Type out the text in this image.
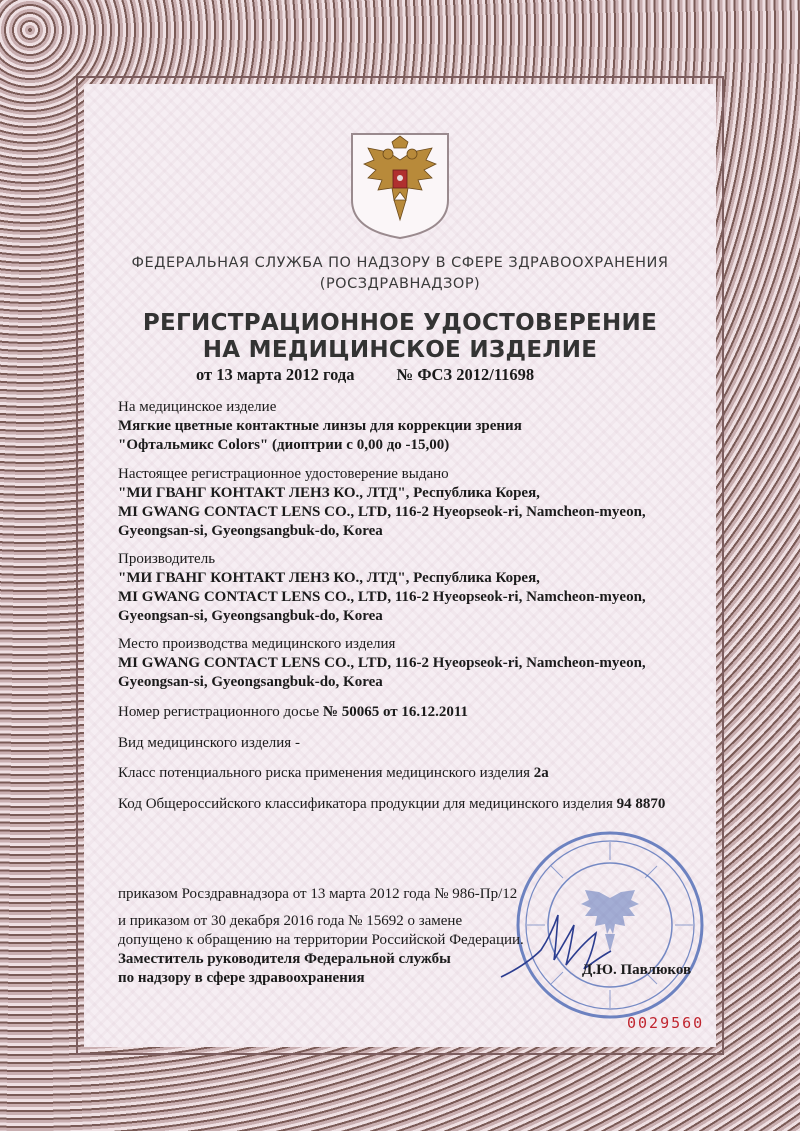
ФЕДЕРАЛЬНАЯ СЛУЖБА ПО НАДЗОРУ В СФЕРЕ ЗДРАВООХРАНЕНИЯ
(РОСЗДРАВНАДЗОР)
РЕГИСТРАЦИОННОЕ УДОСТОВЕРЕНИЕ
НА МЕДИЦИНСКОЕ ИЗДЕЛИЕ
от 13 марта 2012 года	№ ФСЗ 2012/11698
На медицинское изделие
Мягкие цветные контактные линзы для коррекции зрения
"Офтальмикс Colors" (диоптрии с 0,00 до -15,00)
Настоящее регистрационное удостоверение выдано
"МИ ГВАНГ КОНТАКТ ЛЕНЗ КО., ЛТД", Республика Корея,
MI GWANG CONTACT LENS CO., LTD, 116-2 Hyeopseok-ri, Namcheon-myeon,
Gyeongsan-si, Gyeongsangbuk-do, Korea
Производитель
"МИ ГВАНГ КОНТАКТ ЛЕНЗ КО., ЛТД", Республика Корея,
MI GWANG CONTACT LENS CO., LTD, 116-2 Hyeopseok-ri, Namcheon-myeon,
Gyeongsan-si, Gyeongsangbuk-do, Korea
Место производства медицинского изделия
MI GWANG CONTACT LENS CO., LTD, 116-2 Hyeopseok-ri, Namcheon-myeon,
Gyeongsan-si, Gyeongsangbuk-do, Korea
Номер регистрационного досье № 50065 от 16.12.2011
Вид медицинского изделия -
Класс потенциального риска применения медицинского изделия 2а
Код Общероссийского классификатора продукции для медицинского изделия 94 8870
приказом Росздравнадзора от 13 марта 2012 года № 986-Пр/12
и приказом от 30 декабря 2016 года № 15692 о замене
допущено к обращению на территории Российской Федерации.
Заместитель руководителя Федеральной службы
по надзору в сфере здравоохранения	Д.Ю. Павлюков
0029560
